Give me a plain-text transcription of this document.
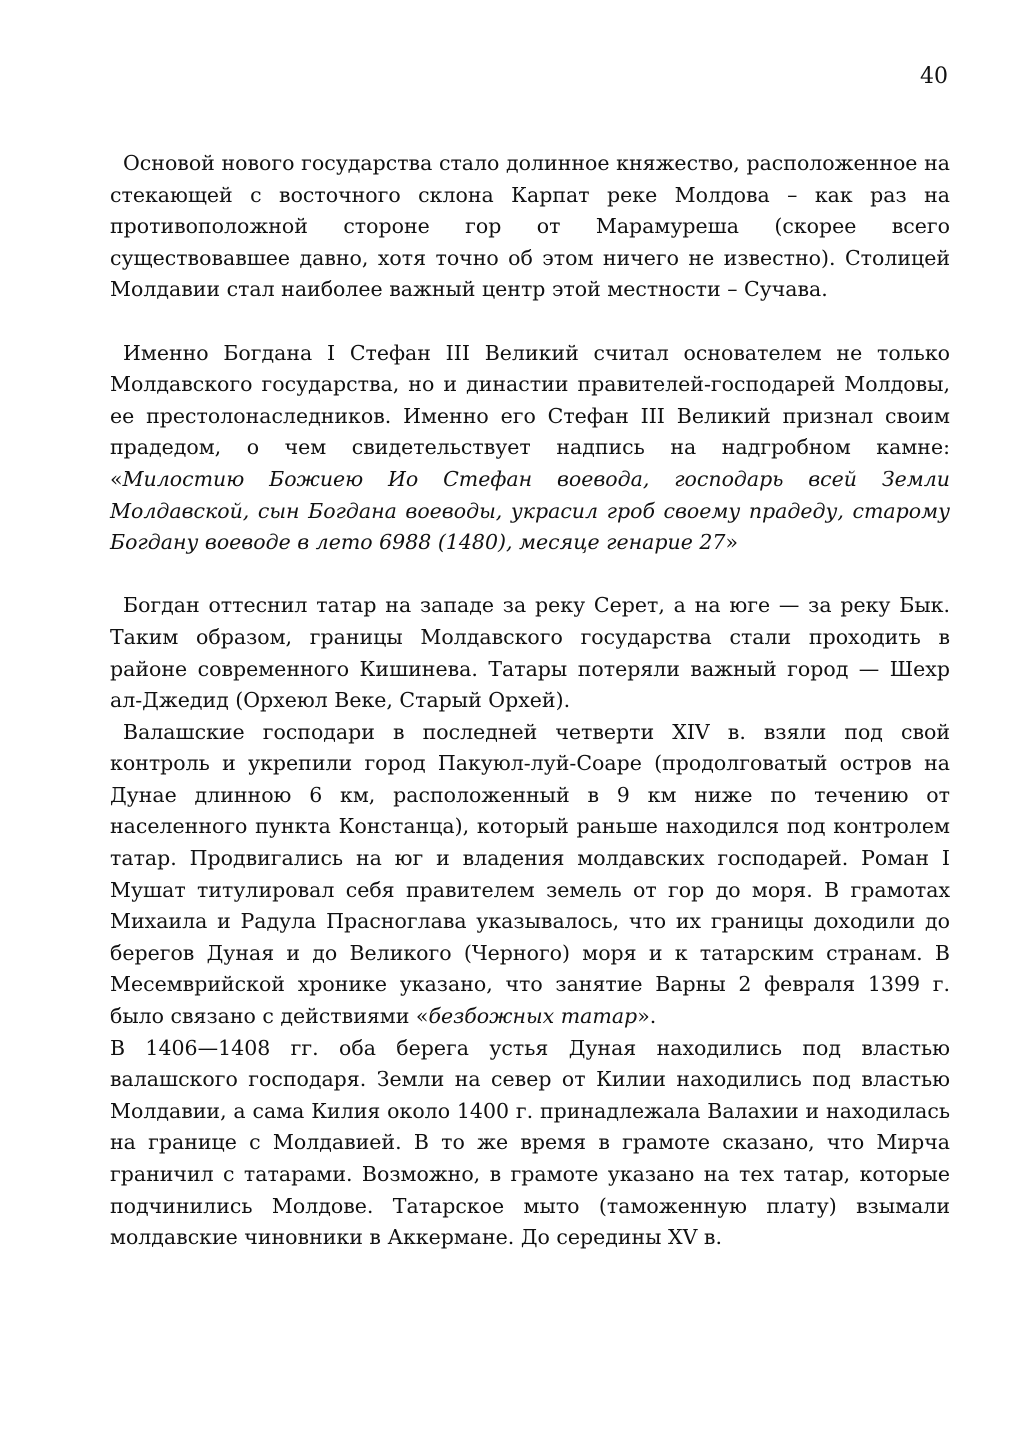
40

Основой нового государства стало долинное княжество, расположенное на стекающей с восточного склона Карпат реке Молдова – как раз на противоположной стороне гор от Марамуреша (скорее всего существовавшее давно, хотя точно об этом ничего не известно). Столицей Молдавии стал наиболее важный центр этой местности – Сучава.

Именно Богдана I Стефан III Великий считал основателем не только Молдавского государства, но и династии правителей-господарей Молдовы, ее престолонаследников. Именно его Стефан III Великий признал своим прадедом, о чем свидетельствует надпись на надгробном камне: «Милостию Божиею Ио Стефан воевода, господарь всей Земли Молдавской, сын Богдана воеводы, украсил гроб своему прадеду, старому Богдану воеводе в лето 6988 (1480), месяце генарие 27»

Богдан оттеснил татар на западе за реку Серет, а на юге — за реку Бык. Таким образом, границы Молдавского государства стали проходить в районе современного Кишинева. Татары потеряли важный город — Шехр ал-Джедид (Орхеюл Веке, Старый Орхей).

Валашские господари в последней четверти XIV в. взяли под свой контроль и укрепили город Пакуюл-луй-Соаре (продолговатый остров на Дунае длинною 6 км, расположенный в 9 км ниже по течению от населенного пункта Констанца), который раньше находился под контролем татар. Продвигались на юг и владения молдавских господарей. Роман I Мушат титулировал себя правителем земель от гор до моря. В грамотах Михаила и Радула Прасноглава указывалось, что их границы доходили до берегов Дуная и до Великого (Черного) моря и к татарским странам. В Месемврийской хронике указано, что занятие Варны 2 февраля 1399 г. было связано с действиями «безбожных татар».

В 1406—1408 гг. оба берега устья Дуная находились под властью валашского господаря. Земли на север от Килии находились под властью Молдавии, а сама Килия около 1400 г. принадлежала Валахии и находилась на границе с Молдавией. В то же время в грамоте сказано, что Мирча граничил с татарами. Возможно, в грамоте указано на тех татар, которые подчинились Молдове. Татарское мыто (таможенную плату) взымали молдавские чиновники в Аккермане. До середины XV в.
